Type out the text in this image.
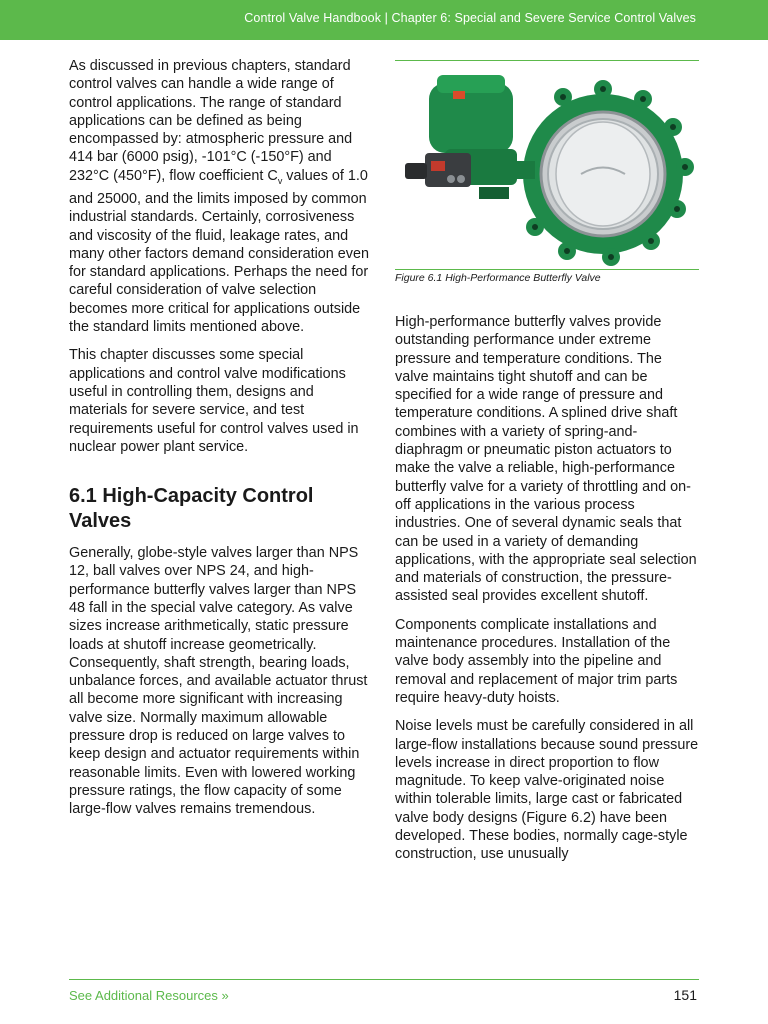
Control Valve Handbook | Chapter 6: Special and Severe Service Control Valves

As discussed in previous chapters, standard control valves can handle a wide range of control applications. The range of standard applications can be defined as being encompassed by: atmospheric pressure and 414 bar (6000 psig), -101°C (-150°F) and 232°C (450°F), flow coefficient $C_v$ values of 1.0 and 25000, and the limits imposed by common industrial standards. Certainly, corrosiveness and viscosity of the fluid, leakage rates, and many other factors demand consideration even for standard applications. Perhaps the need for careful consideration of valve selection becomes more critical for applications outside the standard limits mentioned above.

This chapter discusses some special applications and control valve modifications useful in controlling them, designs and materials for severe service, and test requirements useful for control valves used in nuclear power plant service.

6.1 High-Capacity Control Valves

Generally, globe-style valves larger than NPS 12, ball valves over NPS 24, and high-performance butterfly valves larger than NPS 48 fall in the special valve category. As valve sizes increase arithmetically, static pressure loads at shutoff increase geometrically. Consequently, shaft strength, bearing loads, unbalance forces, and available actuator thrust all become more significant with increasing valve size. Normally maximum allowable pressure drop is reduced on large valves to keep design and actuator requirements within reasonable limits. Even with lowered working pressure ratings, the flow capacity of some large-flow valves remains tremendous.

Figure 6.1 High-Performance Butterfly Valve

High-performance butterfly valves provide outstanding performance under extreme pressure and temperature conditions. The valve maintains tight shutoff and can be specified for a wide range of pressure and temperature conditions. A splined drive shaft combines with a variety of spring-and-diaphragm or pneumatic piston actuators to make the valve a reliable, high-performance butterfly valve for a variety of throttling and on-off applications in the various process industries. One of several dynamic seals that can be used in a variety of demanding applications, with the appropriate seal selection and materials of construction, the pressure-assisted seal provides excellent shutoff.

Components complicate installations and maintenance procedures. Installation of the valve body assembly into the pipeline and removal and replacement of major trim parts require heavy-duty hoists.

Noise levels must be carefully considered in all large-flow installations because sound pressure levels increase in direct proportion to flow magnitude. To keep valve-originated noise within tolerable limits, large cast or fabricated valve body designs (Figure 6.2) have been developed. These bodies, normally cage-style construction, use unusually

See Additional Resources »	151
